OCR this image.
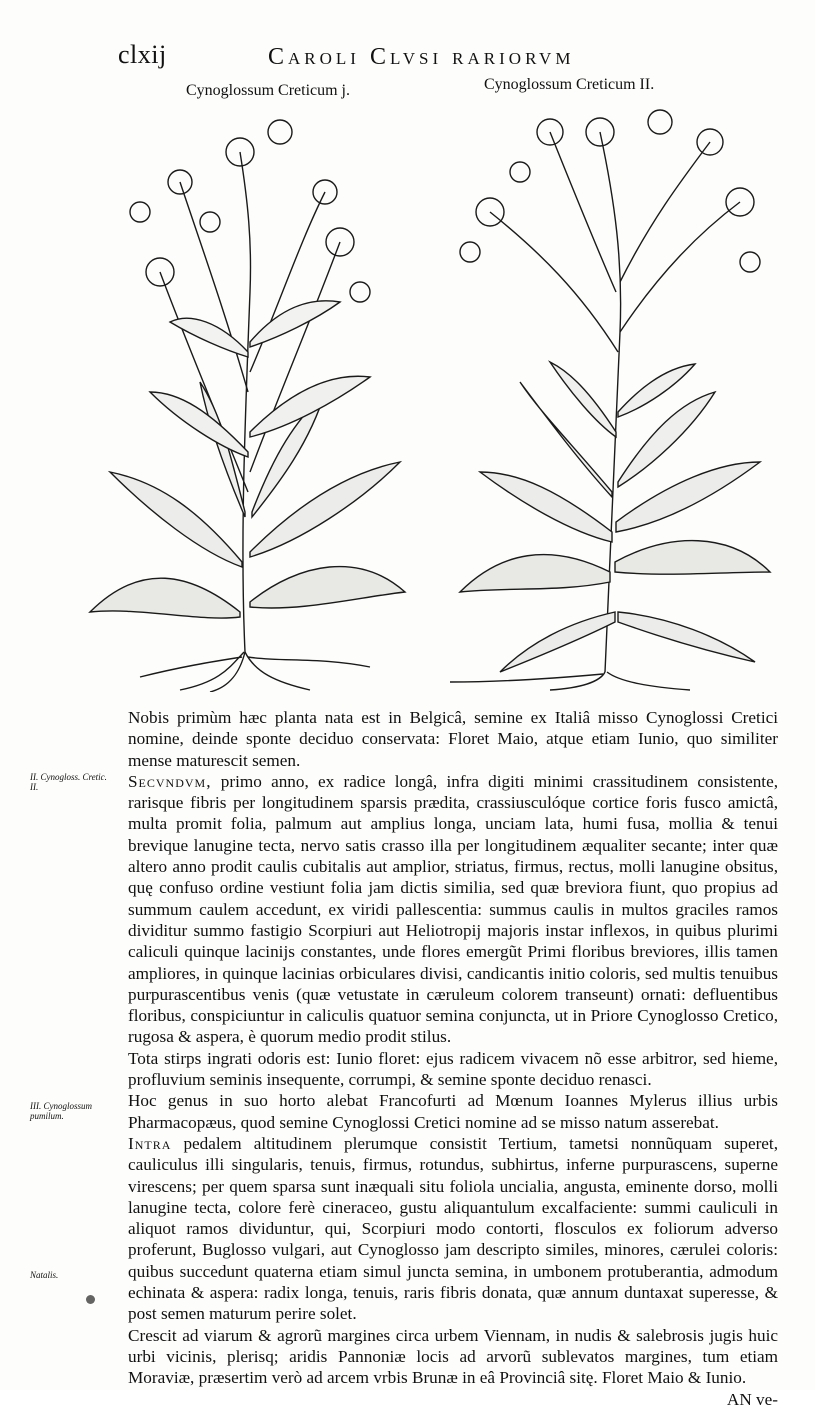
clxij	Caroli Clvsi rariorvm
Cynoglossum Creticum j.	Cynoglossum Creticum II.
II. Cynogloss. Cretic. II.
III. Cynoglossum pumilum.
Natalis.

Nobis primùm hæc planta nata est in Belgicâ, semine ex Italiâ misso Cynoglossi Cretici nomine, deinde sponte deciduo conservata: Floret Maio, atque etiam Iunio, quo similiter mense maturescit semen.

Secvndvm, primo anno, ex radice longâ, infra digiti minimi crassitudinem consistente, rarisque fibris per longitudinem sparsis prædita, crassiusculóque cortice foris fusco amictâ, multa promit folia, palmum aut amplius longa, unciam lata, humi fusa, mollia & tenui brevique lanugine tecta, nervo satis crasso illa per longitudinem æqualiter secante; inter quæ altero anno prodit caulis cubitalis aut amplior, striatus, firmus, rectus, molli lanugine obsitus, quę confuso ordine vestiunt folia jam dictis similia, sed quæ breviora fiunt, quo propius ad summum caulem accedunt, ex viridi pallescentia: summus caulis in multos graciles ramos dividitur summo fastigio Scorpiuri aut Heliotropij majoris instar inflexos, in quibus plurimi caliculi quinque lacinijs constantes, unde flores emergũt Primi floribus breviores, illis tamen ampliores, in quinque lacinias orbiculares divisi, candicantis initio coloris, sed multis tenuibus purpurascentibus venis (quæ vetustate in cæruleum colorem transeunt) ornati: defluentibus floribus, conspiciuntur in caliculis quatuor semina conjuncta, ut in Priore Cynoglosso Cretico, rugosa & aspera, è quorum medio prodit stilus.

Tota stirps ingrati odoris est: Iunio floret: ejus radicem vivacem nõ esse arbitror, sed hieme, profluvium seminis insequente, corrumpi, & semine sponte deciduo renasci.

Hoc genus in suo horto alebat Francofurti ad Mœnum Ioannes Mylerus illius urbis Pharmacopæus, quod semine Cynoglossi Cretici nomine ad se misso natum asserebat.

Intra pedalem altitudinem plerumque consistit Tertium, tametsi nonnũquam superet, cauliculus illi singularis, tenuis, firmus, rotundus, subhirtus, inferne purpurascens, superne virescens; per quem sparsa sunt inæquali situ foliola uncialia, angusta, eminente dorso, molli lanugine tecta, colore ferè cineraceo, gustu aliquantulum excalfaciente: summi cauliculi in aliquot ramos dividuntur, qui, Scorpiuri modo contorti, flosculos ex foliorum adverso proferunt, Buglosso vulgari, aut Cynoglosso jam descripto similes, minores, cærulei coloris: quibus succedunt quaterna etiam simul juncta semina, in umbonem protuberantia, admodum echinata & aspera: radix longa, tenuis, raris fibris donata, quæ annum duntaxat superesse, & post semen maturum perire solet.

Crescit ad viarum & agrorũ margines circa urbem Viennam, in nudis & salebrosis jugis huic urbi vicinis, plerisq; aridis Pannoniæ locis ad arvorũ sublevatos margines, tum etiam Moraviæ, præsertim verò ad arcem vrbis Brunæ in eâ Provinciâ sitę. Floret Maio & Iunio.

AN ve-
